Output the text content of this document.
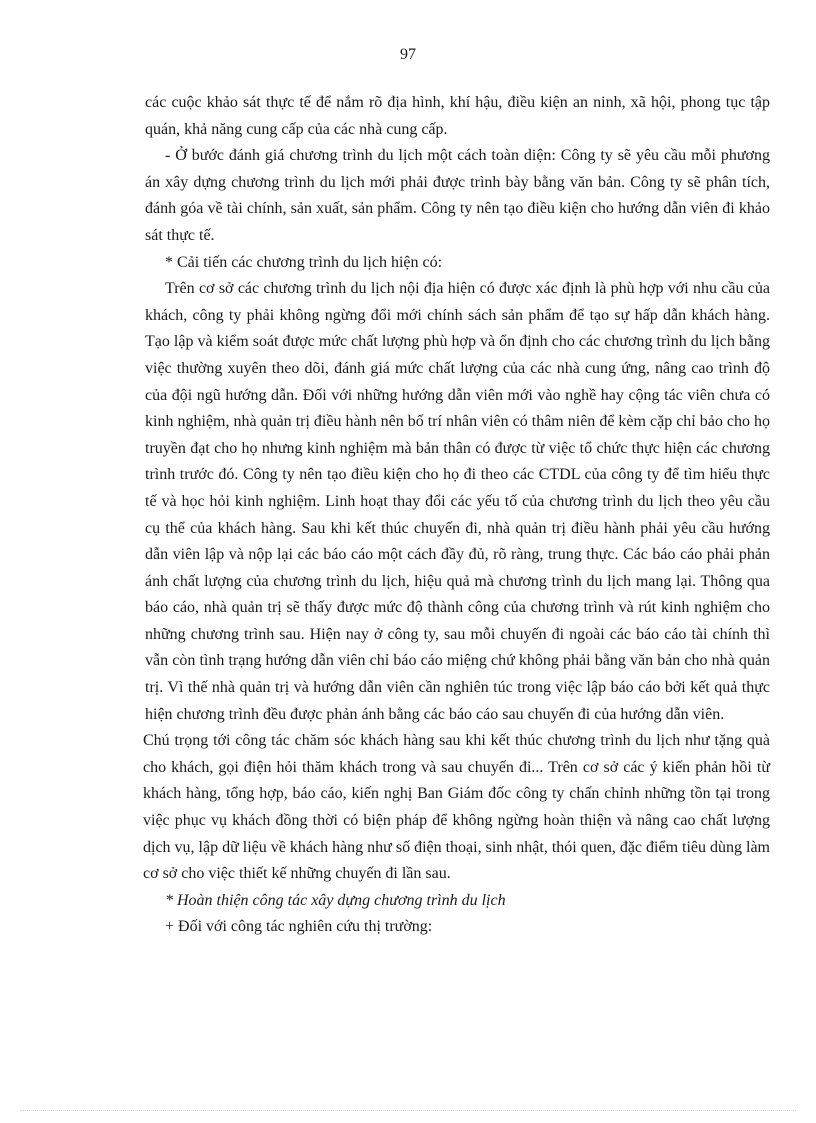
97

các cuộc khảo sát thực tế để nắm rõ địa hình, khí hậu, điều kiện an ninh, xã hội, phong tục tập quán, khả năng cung cấp của các nhà cung cấp.

- Ở bước đánh giá chương trình du lịch một cách toàn diện: Công ty sẽ yêu cầu mỗi phương án xây dựng chương trình du lịch mới phải được trình bày bằng văn bản. Công ty sẽ phân tích, đánh góa về tài chính, sản xuất, sản phẩm. Công ty nên tạo điều kiện cho hướng dẫn viên đi khảo sát thực tế.

* Cải tiến các chương trình du lịch hiện có:

Trên cơ sở các chương trình du lịch nội địa hiện có được xác định là phù hợp với nhu cầu của khách, công ty phải không ngừng đổi mới chính sách sản phẩm để tạo sự hấp dẫn khách hàng. Tạo lập và kiểm soát được mức chất lượng phù hợp và ổn định cho các chương trình du lịch bằng việc thường xuyên theo dõi, đánh giá mức chất lượng của các nhà cung ứng, nâng cao trình độ của đội ngũ hướng dẫn. Đối với những hướng dẫn viên mới vào nghề hay cộng tác viên chưa có kinh nghiệm, nhà quản trị điều hành nên bố trí nhân viên có thâm niên để kèm cặp chỉ bảo cho họ truyền đạt cho họ nhưng kinh nghiệm mà bản thân có được từ việc tổ chức thực hiện các chương trình trước đó. Công ty nên tạo điều kiện cho họ đi theo các CTDL của công ty để tìm hiểu thực tế và học hỏi kinh nghiệm. Linh hoạt thay đổi các yếu tố của chương trình du lịch theo yêu cầu cụ thể của khách hàng. Sau khi kết thúc chuyến đi, nhà quản trị điều hành phải yêu cầu hướng dẫn viên lập và nộp lại các báo cáo một cách đầy đủ, rõ ràng, trung thực. Các báo cáo phải phản ánh chất lượng của chương trình du lịch, hiệu quả mà chương trình du lịch mang lại. Thông qua báo cáo, nhà quản trị sẽ thấy được mức độ thành công của chương trình và rút kinh nghiệm cho những chương trình sau. Hiện nay ở công ty, sau mỗi chuyến đi ngoài các báo cáo tài chính thì vẫn còn tình trạng hướng dẫn viên chỉ báo cáo miệng chứ không phải bằng văn bản cho nhà quản trị. Vì thế nhà quản trị và hướng dẫn viên cần nghiên túc trong việc lập báo cáo bởi kết quả thực hiện chương trình đều được phản ánh bằng các báo cáo sau chuyến đi của hướng dẫn viên.

Chú trọng tới công tác chăm sóc khách hàng sau khi kết thúc chương trình du lịch như tặng quà cho khách, gọi điện hỏi thăm khách trong và sau chuyến đi... Trên cơ sở các ý kiến phản hồi từ khách hàng, tổng hợp, báo cáo, kiến nghị Ban Giám đốc công ty chấn chỉnh những tồn tại trong việc phục vụ khách đồng thời có biện pháp để không ngừng hoàn thiện và nâng cao chất lượng dịch vụ, lập dữ liệu về khách hàng như số điện thoại, sinh nhật, thói quen, đặc điểm tiêu dùng làm cơ sở cho việc thiết kế những chuyến đi lần sau.

* Hoàn thiện công tác xây dựng chương trình du lịch

+ Đối với công tác nghiên cứu thị trường:
